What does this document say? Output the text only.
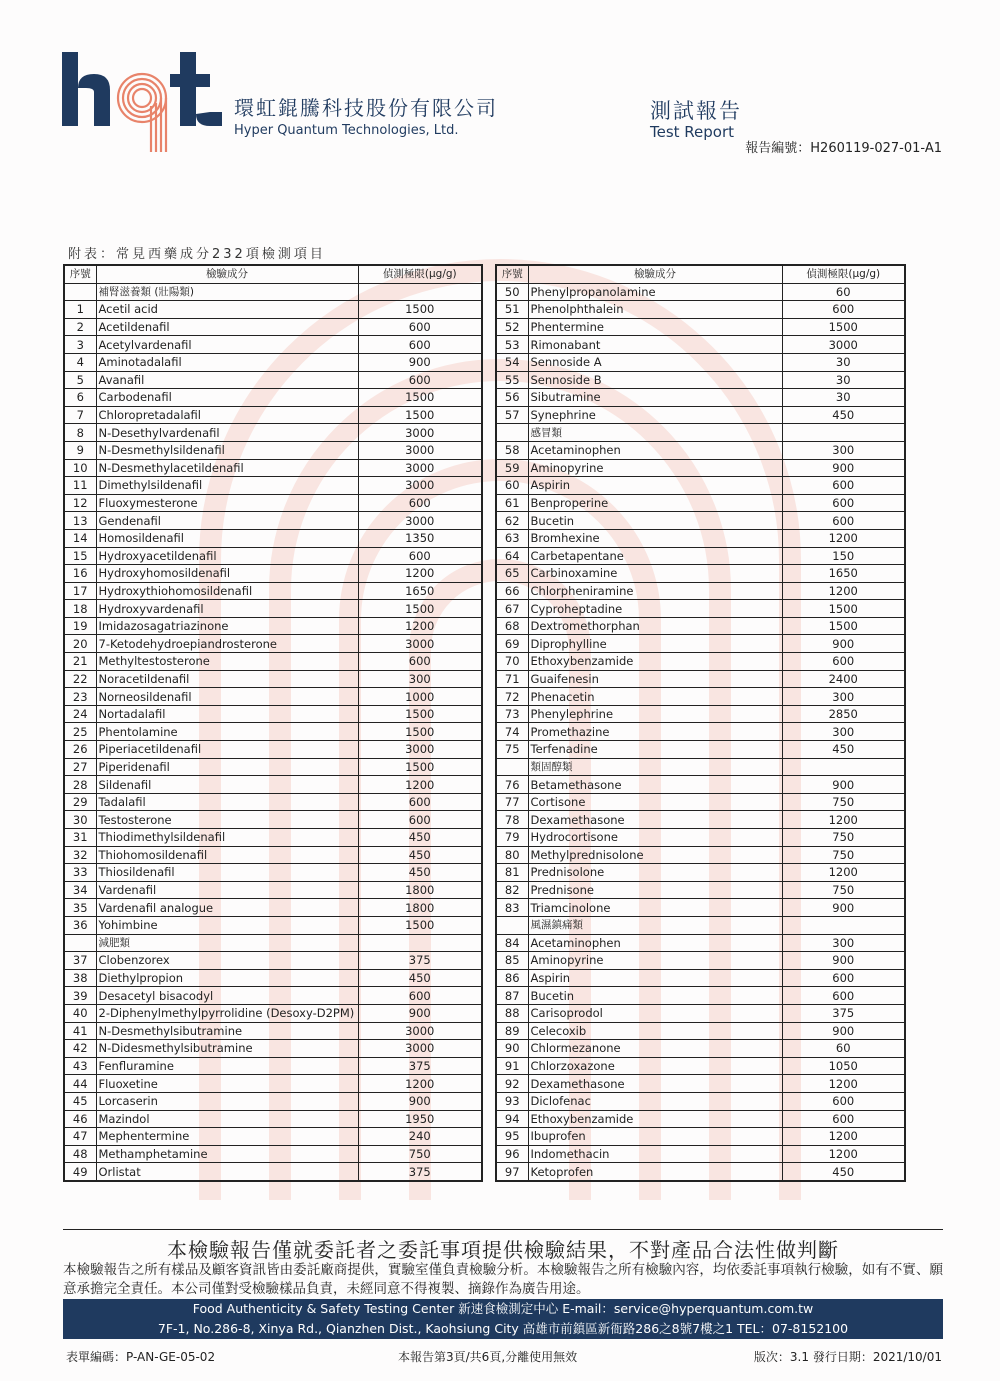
環虹錕騰科技股份有限公司
Hyper Quantum Technologies, Ltd.
測試報告
Test Report
報告編號：H260119-027-01-A1
附表：常見西藥成分232項檢測項目
序號	檢驗成分	偵測極限(μg/g)
	補腎滋養類 (壯陽類)	
1	Acetil acid	1500
2	Acetildenafil	600
3	Acetylvardenafil	600
4	Aminotadalafil	900
5	Avanafil	600
6	Carbodenafil	1500
7	Chloropretadalafil	1500
8	N-Desethylvardenafil	3000
9	N-Desmethylsildenafil	3000
10	N-Desmethylacetildenafil	3000
11	Dimethylsildenafil	3000
12	Fluoxymesterone	600
13	Gendenafil	3000
14	Homosildenafil	1350
15	Hydroxyacetildenafil	600
16	Hydroxyhomosildenafil	1200
17	Hydroxythiohomosildenafil	1650
18	Hydroxyvardenafil	1500
19	Imidazosagatriazinone	1200
20	7-Ketodehydroepiandrosterone	3000
21	Methyltestosterone	600
22	Noracetildenafil	300
23	Norneosildenafil	1000
24	Nortadalafil	1500
25	Phentolamine	1500
26	Piperiacetildenafil	3000
27	Piperidenafil	1500
28	Sildenafil	1200
29	Tadalafil	600
30	Testosterone	600
31	Thiodimethylsildenafil	450
32	Thiohomosildenafil	450
33	Thiosildenafil	450
34	Vardenafil	1800
35	Vardenafil analogue	1800
36	Yohimbine	1500
	減肥類	
37	Clobenzorex	375
38	Diethylpropion	450
39	Desacetyl bisacodyl	600
40	2-Diphenylmethylpyrrolidine (Desoxy-D2PM)	900
41	N-Desmethylsibutramine	3000
42	N-Didesmethylsibutramine	3000
43	Fenfluramine	375
44	Fluoxetine	1200
45	Lorcaserin	900
46	Mazindol	1950
47	Mephentermine	240
48	Methamphetamine	750
49	Orlistat	375
序號	檢驗成分	偵測極限(μg/g)
50	Phenylpropanolamine	60
51	Phenolphthalein	600
52	Phentermine	1500
53	Rimonabant	3000
54	Sennoside A	30
55	Sennoside B	30
56	Sibutramine	30
57	Synephrine	450
	感冒類	
58	Acetaminophen	300
59	Aminopyrine	900
60	Aspirin	600
61	Benproperine	600
62	Bucetin	600
63	Bromhexine	1200
64	Carbetapentane	150
65	Carbinoxamine	1650
66	Chlorpheniramine	1200
67	Cyproheptadine	1500
68	Dextromethorphan	1500
69	Diprophylline	900
70	Ethoxybenzamide	600
71	Guaifenesin	2400
72	Phenacetin	300
73	Phenylephrine	2850
74	Promethazine	300
75	Terfenadine	450
	類固醇類	
76	Betamethasone	900
77	Cortisone	750
78	Dexamethasone	1200
79	Hydrocortisone	750
80	Methylprednisolone	750
81	Prednisolone	1200
82	Prednisone	750
83	Triamcinolone	900
	風濕鎮痛類	
84	Acetaminophen	300
85	Aminopyrine	900
86	Aspirin	600
87	Bucetin	600
88	Carisoprodol	375
89	Celecoxib	900
90	Chlormezanone	60
91	Chlorzoxazone	1050
92	Dexamethasone	1200
93	Diclofenac	600
94	Ethoxybenzamide	600
95	Ibuprofen	1200
96	Indomethacin	1200
97	Ketoprofen	450
本檢驗報告僅就委託者之委託事項提供檢驗結果，不對產品合法性做判斷
本檢驗報告之所有樣品及顧客資訊皆由委託廠商提供，實驗室僅負責檢驗分析。本檢驗報告之所有檢驗內容，均依委託事項執行檢驗，如有不實、願意承擔完全責任。本公司僅對受檢驗樣品負責，未經同意不得複製、摘錄作為廣告用途。
Food Authenticity & Safety Testing Center 新速食檢測定中心 E-mail：service@hyperquantum.com.tw
7F-1, No.286-8, Xinya Rd., Qianzhen Dist., Kaohsiung City 高雄市前鎮區新衙路286之8號7樓之1 TEL：07-8152100
表單編碼：P-AN-GE-05-02	本報告第3頁/共6頁,分離使用無效	版次：3.1 發行日期：2021/10/01
